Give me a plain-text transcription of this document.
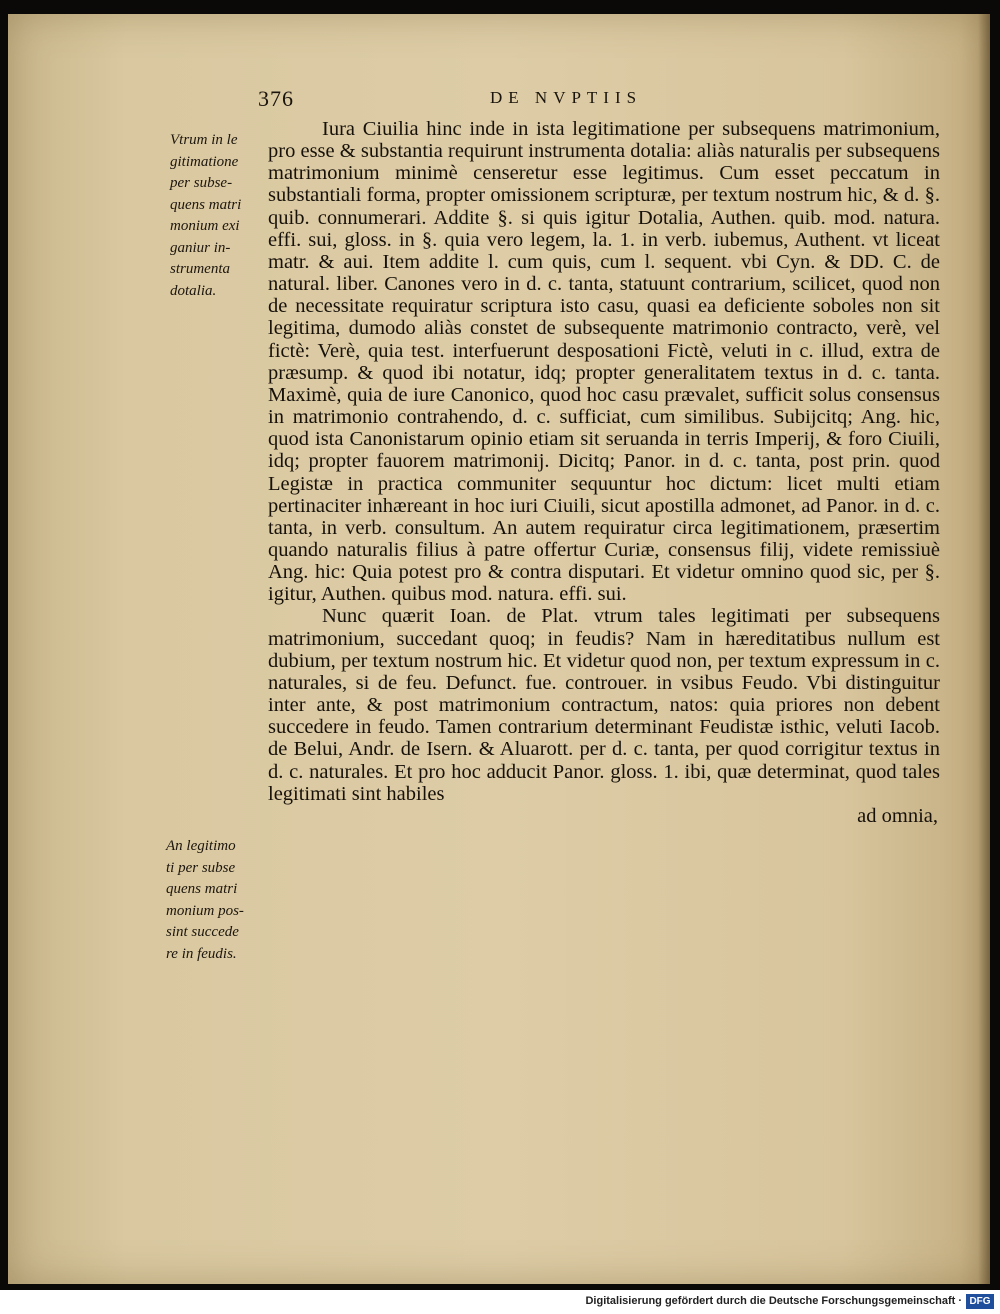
376	DE NVPTIIS
Vtrum in le
gitimatione
per subse-
quens matri
monium exi
ganiur in-
strumenta
dotalia.
An legitimo
ti per subse
quens matri
monium pos-
sint succede
re in feudis.

Iura Ciuilia hinc inde in ista legitimatione per subsequens matrimonium, pro esse & substantia requirunt instrumenta dotalia: aliàs naturalis per subsequens matrimonium minimè censeretur esse legitimus. Cum esset peccatum in substantiali forma, propter omissionem scripturæ, per textum nostrum hic, & d. §. quib. connumerari. Addite §. si quis igitur Dotalia, Authen. quib. mod. natura. effi. sui, gloss. in §. quia vero legem, la. 1. in verb. iubemus, Authent. vt liceat matr. & aui. Item addite l. cum quis, cum l. sequent. vbi Cyn. & DD. C. de natural. liber. Canones vero in d. c. tanta, statuunt contrarium, scilicet, quod non de necessitate requiratur scriptura isto casu, quasi ea deficiente soboles non sit legitima, dumodo aliàs constet de subsequente matrimonio contracto, verè, vel fictè: Verè, quia test. interfuerunt desposationi Fictè, veluti in c. illud, extra de præsump. & quod ibi notatur, idq; propter generalitatem textus in d. c. tanta. Maximè, quia de iure Canonico, quod hoc casu prævalet, sufficit solus consensus in matrimonio contrahendo, d. c. sufficiat, cum similibus. Subijcitq; Ang. hic, quod ista Canonistarum opinio etiam sit seruanda in terris Imperij, & foro Ciuili, idq; propter fauorem matrimonij. Dicitq; Panor. in d. c. tanta, post prin. quod Legistæ in practica communiter sequuntur hoc dictum: licet multi etiam pertinaciter inhæreant in hoc iuri Ciuili, sicut apostilla admonet, ad Panor. in d. c. tanta, in verb. consultum. An autem requiratur circa legitimationem, præsertim quando naturalis filius à patre offertur Curiæ, consensus filij, videte remissiuè Ang. hic: Quia potest pro & contra disputari. Et videtur omnino quod sic, per §. igitur, Authen. quibus mod. natura. effi. sui.

Nunc quærit Ioan. de Plat. vtrum tales legitimati per subsequens matrimonium, succedant quoq; in feudis? Nam in hæreditatibus nullum est dubium, per textum nostrum hic. Et videtur quod non, per textum expressum in c. naturales, si de feu. Defunct. fue. controuer. in vsibus Feudo. Vbi distinguitur inter ante, & post matrimonium contractum, natos: quia priores non debent succedere in feudo. Tamen contrarium determinant Feudistæ isthic, veluti Iacob. de Belui, Andr. de Isern. & Aluarott. per d. c. tanta, per quod corrigitur textus in d. c. naturales. Et pro hoc adducit Panor. gloss. 1. ibi, quæ determinat, quod tales legitimati sint habiles

ad omnia,
Digitalisierung gefördert durch die Deutsche Forschungsgemeinschaft · DFG
